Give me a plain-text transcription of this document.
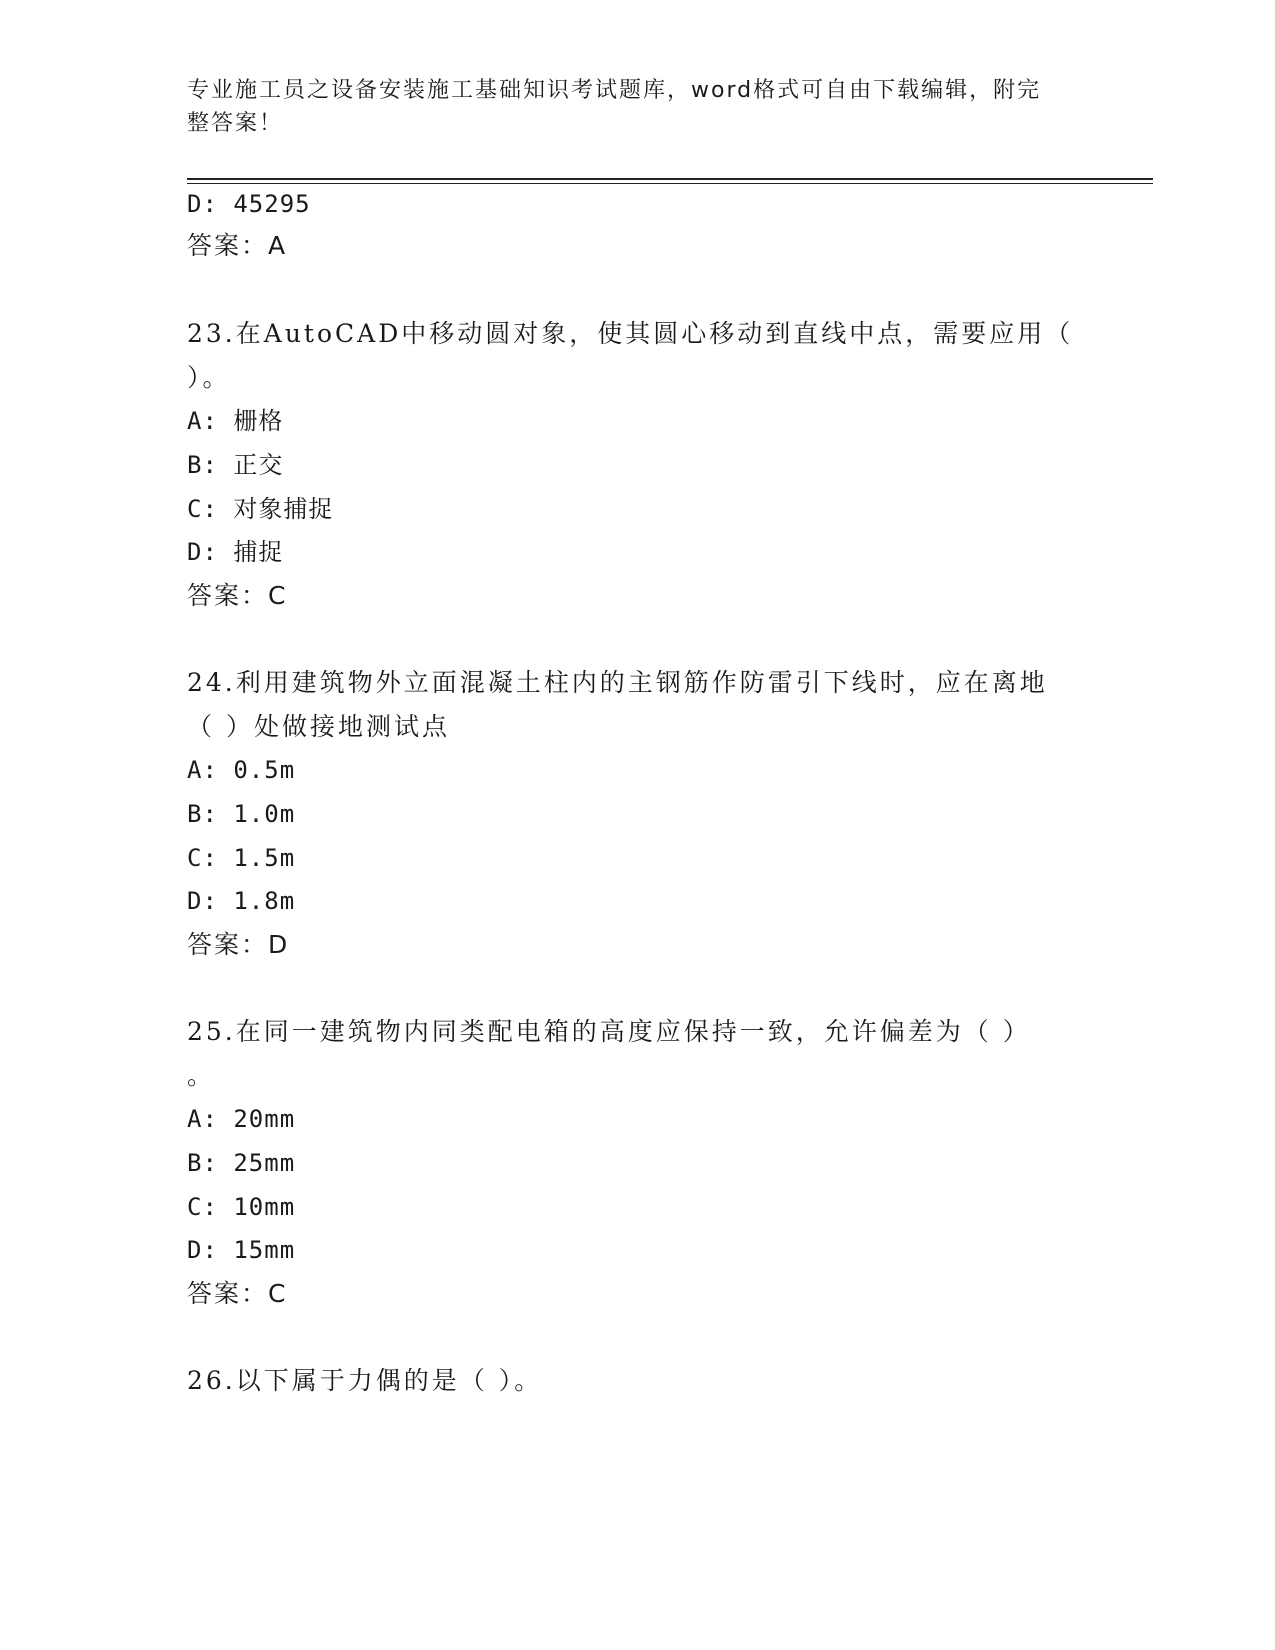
专业施工员之设备安装施工基础知识考试题库，word格式可自由下载编辑，附完
整答案！
D: 45295
答案：A
23.在AutoCAD中移动圆对象，使其圆心移动到直线中点，需要应用（
）。
A: 栅格
B: 正交
C: 对象捕捉
D: 捕捉
答案：C
24.利用建筑物外立面混凝土柱内的主钢筋作防雷引下线时，应在离地
（ ）处做接地测试点
A: 0.5m
B: 1.0m
C: 1.5m
D: 1.8m
答案：D
25.在同一建筑物内同类配电箱的高度应保持一致，允许偏差为（ ）
。
A: 20mm
B: 25mm
C: 10mm
D: 15mm
答案：C
26.以下属于力偶的是（ ）。
